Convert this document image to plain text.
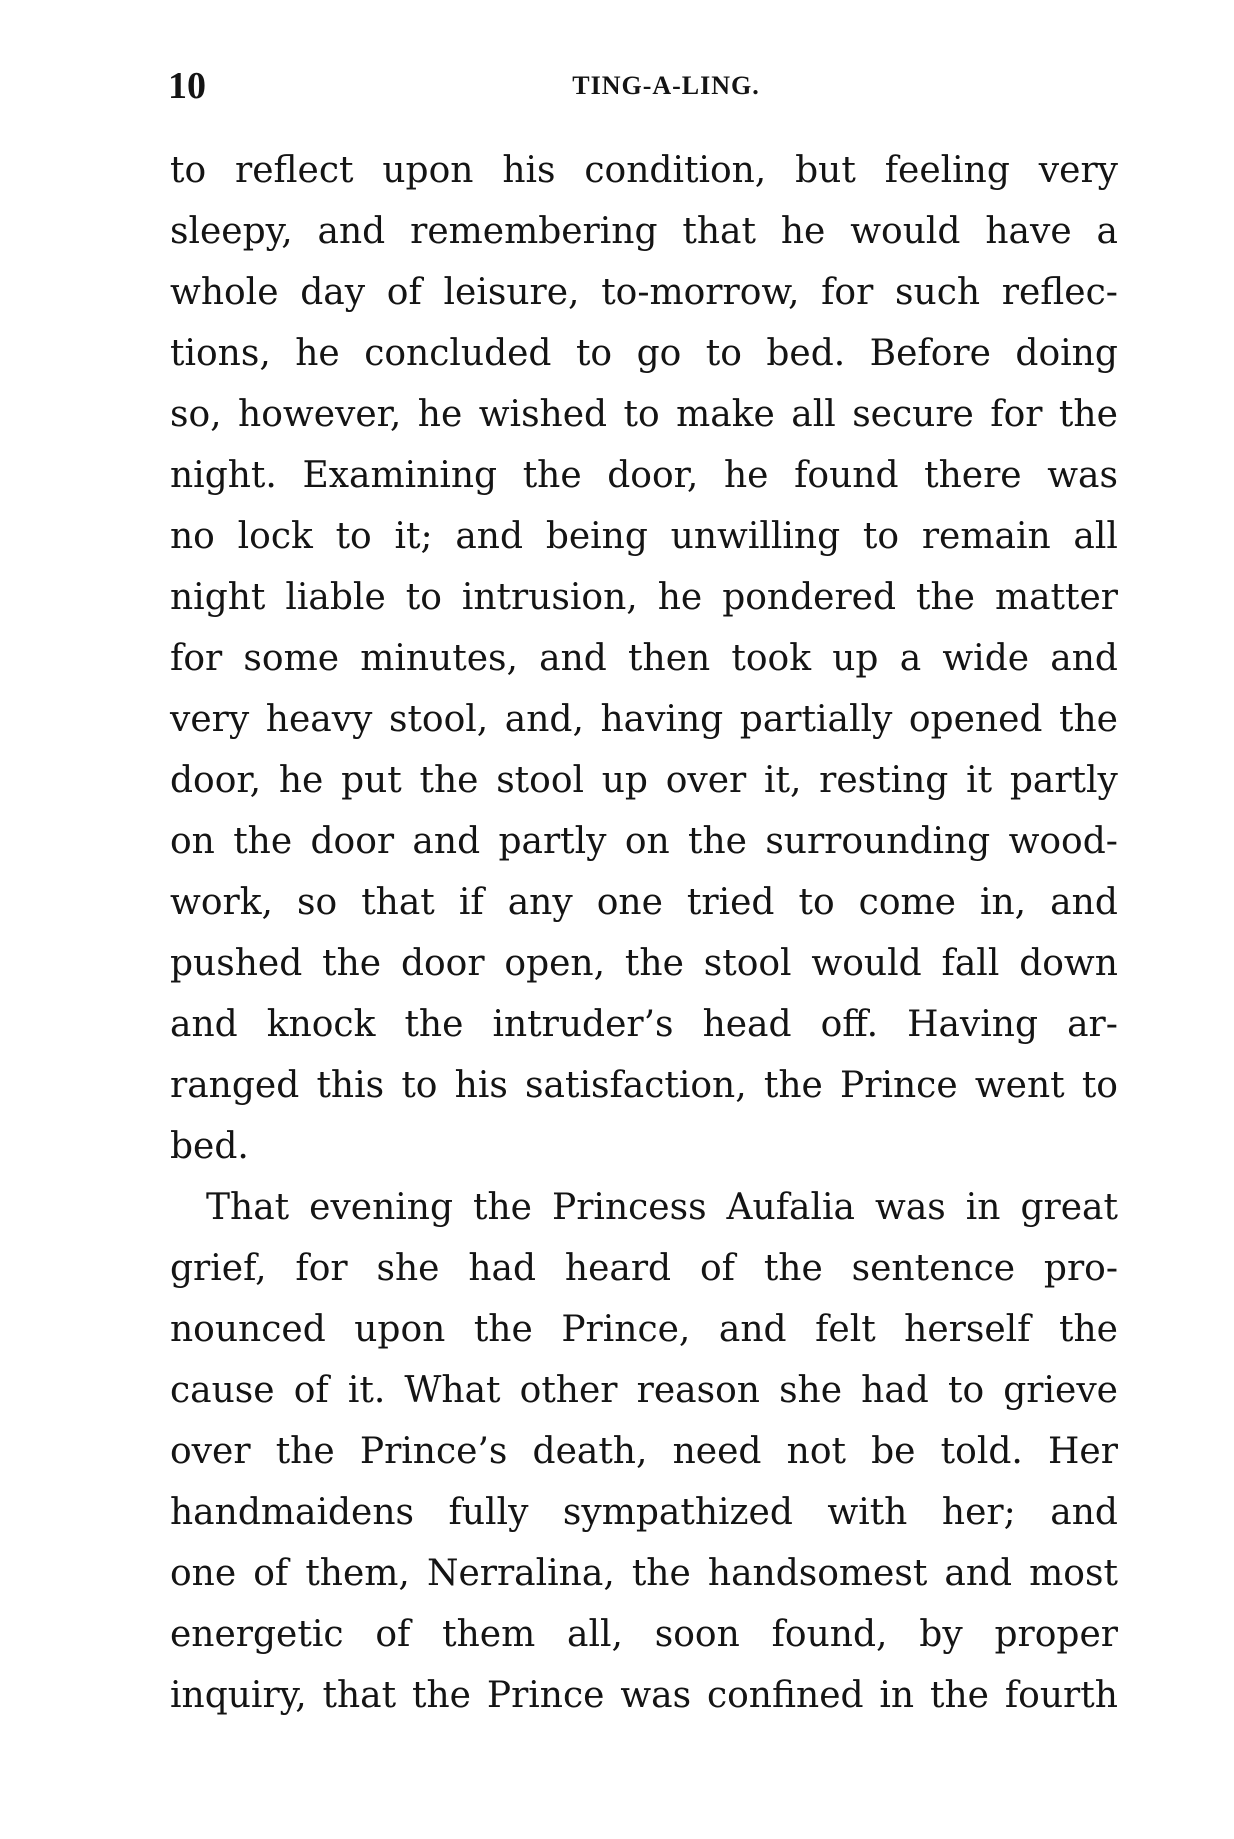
10	TING-A-LING.
to reflect upon his condition, but feeling very
sleepy, and remembering that he would have a
whole day of leisure, to-morrow, for such reflec-
tions, he concluded to go to bed. Before doing
so, however, he wished to make all secure for the
night. Examining the door, he found there was
no lock to it; and being unwilling to remain all
night liable to intrusion, he pondered the matter
for some minutes, and then took up a wide and
very heavy stool, and, having partially opened the
door, he put the stool up over it, resting it partly
on the door and partly on the surrounding wood-
work, so that if any one tried to come in, and
pushed the door open, the stool would fall down
and knock the intruder’s head off. Having ar-
ranged this to his satisfaction, the Prince went to
bed.
That evening the Princess Aufalia was in great
grief, for she had heard of the sentence pro-
nounced upon the Prince, and felt herself the
cause of it. What other reason she had to grieve
over the Prince’s death, need not be told. Her
handmaidens fully sympathized with her; and
one of them, Nerralina, the handsomest and most
energetic of them all, soon found, by proper
inquiry, that the Prince was confined in the fourth
